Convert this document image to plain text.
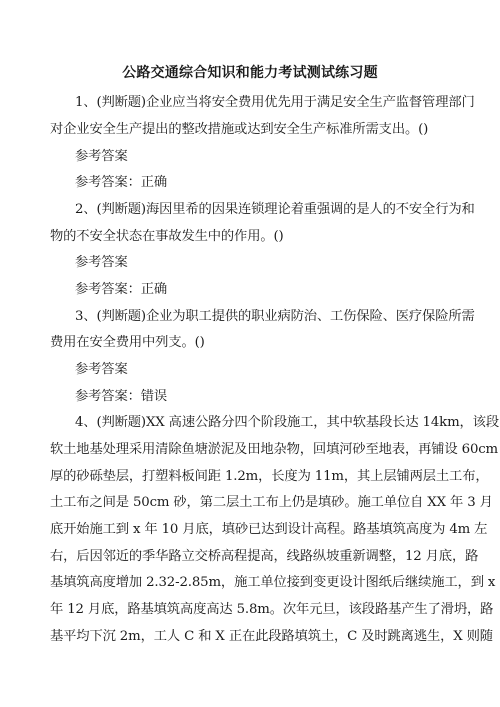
公路交通综合知识和能力考试测试练习题
1、(判断题)企业应当将安全费用优先用于满足安全生产监督管理部门
对企业安全生产提出的整改措施或达到安全生产标准所需支出。()
参考答案
参考答案：正确
2、(判断题)海因里希的因果连锁理论着重强调的是人的不安全行为和
物的不安全状态在事故发生中的作用。()
参考答案
参考答案：正确
3、(判断题)企业为职工提供的职业病防治、工伤保险、医疗保险所需
费用在安全费用中列支。()
参考答案
参考答案：错误
4、(判断题)XX 高速公路分四个阶段施工，其中软基段长达 14km，该段
软土地基处理采用清除鱼塘淤泥及田地杂物，回填河砂至地表，再铺设 60cm
厚的砂砾垫层，打塑料板间距 1.2m，长度为 11m，其上层铺两层土工布，
土工布之间是 50cm 砂，第二层土工布上仍是填砂。施工单位自 XX 年 3 月
底开始施工到 x 年 10 月底，填砂已达到设计高程。路基填筑高度为 4m 左
右，后因邻近的季华路立交桥高程提高，线路纵坡重新调整，12 月底，路
基填筑高度增加 2.32-2.85m，施工单位接到变更设计图纸后继续施工，到 x
年 12 月底，路基填筑高度高达 5.8m。次年元旦，该段路基产生了滑坍，路
基平均下沉 2m，工人 C 和 X 正在此段路填筑土，C 及时跳离逃生，X 则随
